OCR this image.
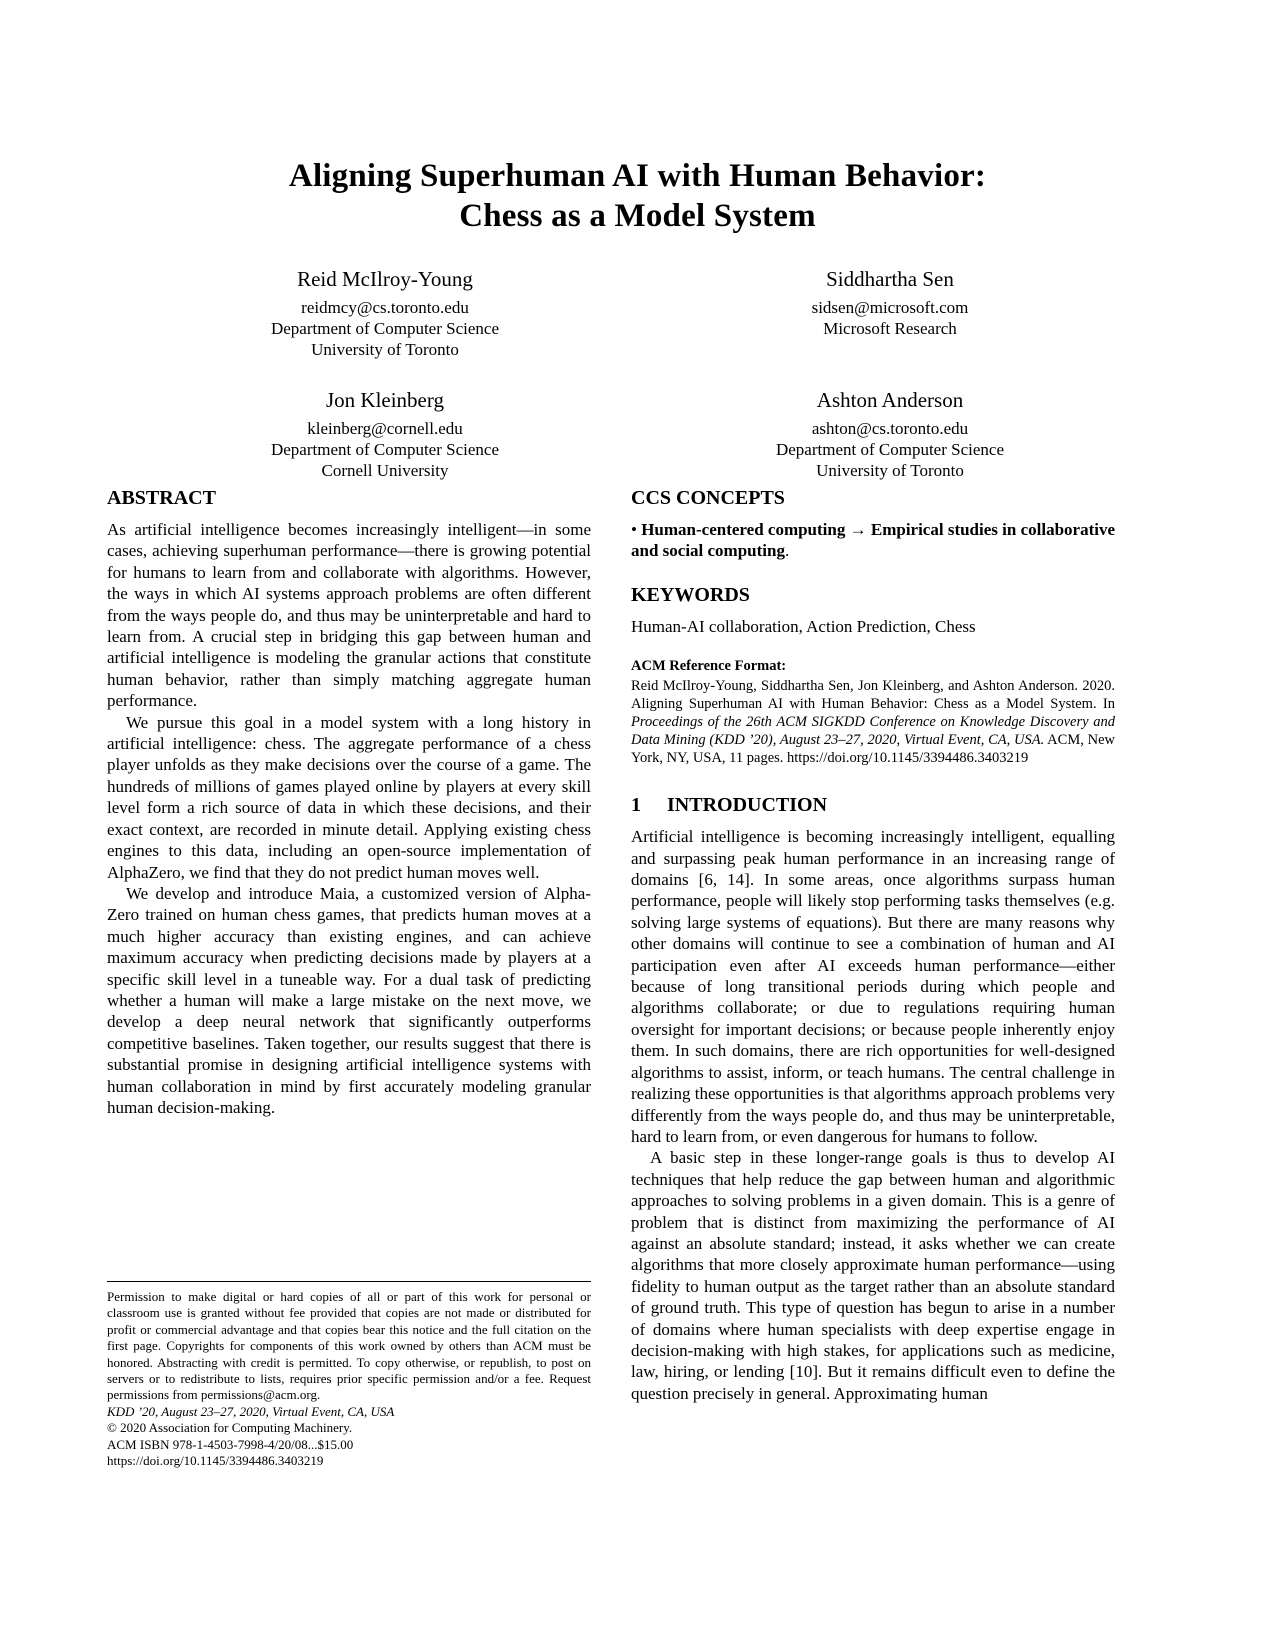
Aligning Superhuman AI with Human Behavior:
Chess as a Model System
Reid McIlroy-Young
reidmcy@cs.toronto.edu
Department of Computer Science
University of Toronto
Siddhartha Sen
sidsen@microsoft.com
Microsoft Research
Jon Kleinberg
kleinberg@cornell.edu
Department of Computer Science
Cornell University
Ashton Anderson
ashton@cs.toronto.edu
Department of Computer Science
University of Toronto
ABSTRACT

As artificial intelligence becomes increasingly intelligent—in some cases, achieving superhuman performance—there is growing potential for humans to learn from and collaborate with algorithms. However, the ways in which AI systems approach problems are often different from the ways people do, and thus may be uninterpretable and hard to learn from. A crucial step in bridging this gap between human and artificial intelligence is modeling the granular actions that constitute human behavior, rather than simply matching aggregate human performance.

We pursue this goal in a model system with a long history in artificial intelligence: chess. The aggregate performance of a chess player unfolds as they make decisions over the course of a game. The hundreds of millions of games played online by players at every skill level form a rich source of data in which these decisions, and their exact context, are recorded in minute detail. Applying existing chess engines to this data, including an open-source implementation of AlphaZero, we find that they do not predict human moves well.

We develop and introduce Maia, a customized version of Alpha-Zero trained on human chess games, that predicts human moves at a much higher accuracy than existing engines, and can achieve maximum accuracy when predicting decisions made by players at a specific skill level in a tuneable way. For a dual task of predicting whether a human will make a large mistake on the next move, we develop a deep neural network that significantly outperforms competitive baselines. Taken together, our results suggest that there is substantial promise in designing artificial intelligence systems with human collaboration in mind by first accurately modeling granular human decision-making.

CCS CONCEPTS

• Human-centered computing → Empirical studies in collaborative and social computing.

KEYWORDS

Human-AI collaboration, Action Prediction, Chess

ACM Reference Format:

Reid McIlroy-Young, Siddhartha Sen, Jon Kleinberg, and Ashton Anderson. 2020. Aligning Superhuman AI with Human Behavior: Chess as a Model System. In Proceedings of the 26th ACM SIGKDD Conference on Knowledge Discovery and Data Mining (KDD ’20), August 23–27, 2020, Virtual Event, CA, USA. ACM, New York, NY, USA, 11 pages. https://doi.org/10.1145/3394486.3403219

1 INTRODUCTION

Artificial intelligence is becoming increasingly intelligent, equalling and surpassing peak human performance in an increasing range of domains [6, 14]. In some areas, once algorithms surpass human performance, people will likely stop performing tasks themselves (e.g. solving large systems of equations). But there are many reasons why other domains will continue to see a combination of human and AI participation even after AI exceeds human performance—either because of long transitional periods during which people and algorithms collaborate; or due to regulations requiring human oversight for important decisions; or because people inherently enjoy them. In such domains, there are rich opportunities for well-designed algorithms to assist, inform, or teach humans. The central challenge in realizing these opportunities is that algorithms approach problems very differently from the ways people do, and thus may be uninterpretable, hard to learn from, or even dangerous for humans to follow.

A basic step in these longer-range goals is thus to develop AI techniques that help reduce the gap between human and algorithmic approaches to solving problems in a given domain. This is a genre of problem that is distinct from maximizing the performance of AI against an absolute standard; instead, it asks whether we can create algorithms that more closely approximate human performance—using fidelity to human output as the target rather than an absolute standard of ground truth. This type of question has begun to arise in a number of domains where human specialists with deep expertise engage in decision-making with high stakes, for applications such as medicine, law, hiring, or lending [10]. But it remains difficult even to define the question precisely in general. Approximating human

Permission to make digital or hard copies of all or part of this work for personal or classroom use is granted without fee provided that copies are not made or distributed for profit or commercial advantage and that copies bear this notice and the full citation on the first page. Copyrights for components of this work owned by others than ACM must be honored. Abstracting with credit is permitted. To copy otherwise, or republish, to post on servers or to redistribute to lists, requires prior specific permission and/or a fee. Request permissions from permissions@acm.org.

KDD ’20, August 23–27, 2020, Virtual Event, CA, USA

© 2020 Association for Computing Machinery.

ACM ISBN 978-1-4503-7998-4/20/08...$15.00

https://doi.org/10.1145/3394486.3403219
